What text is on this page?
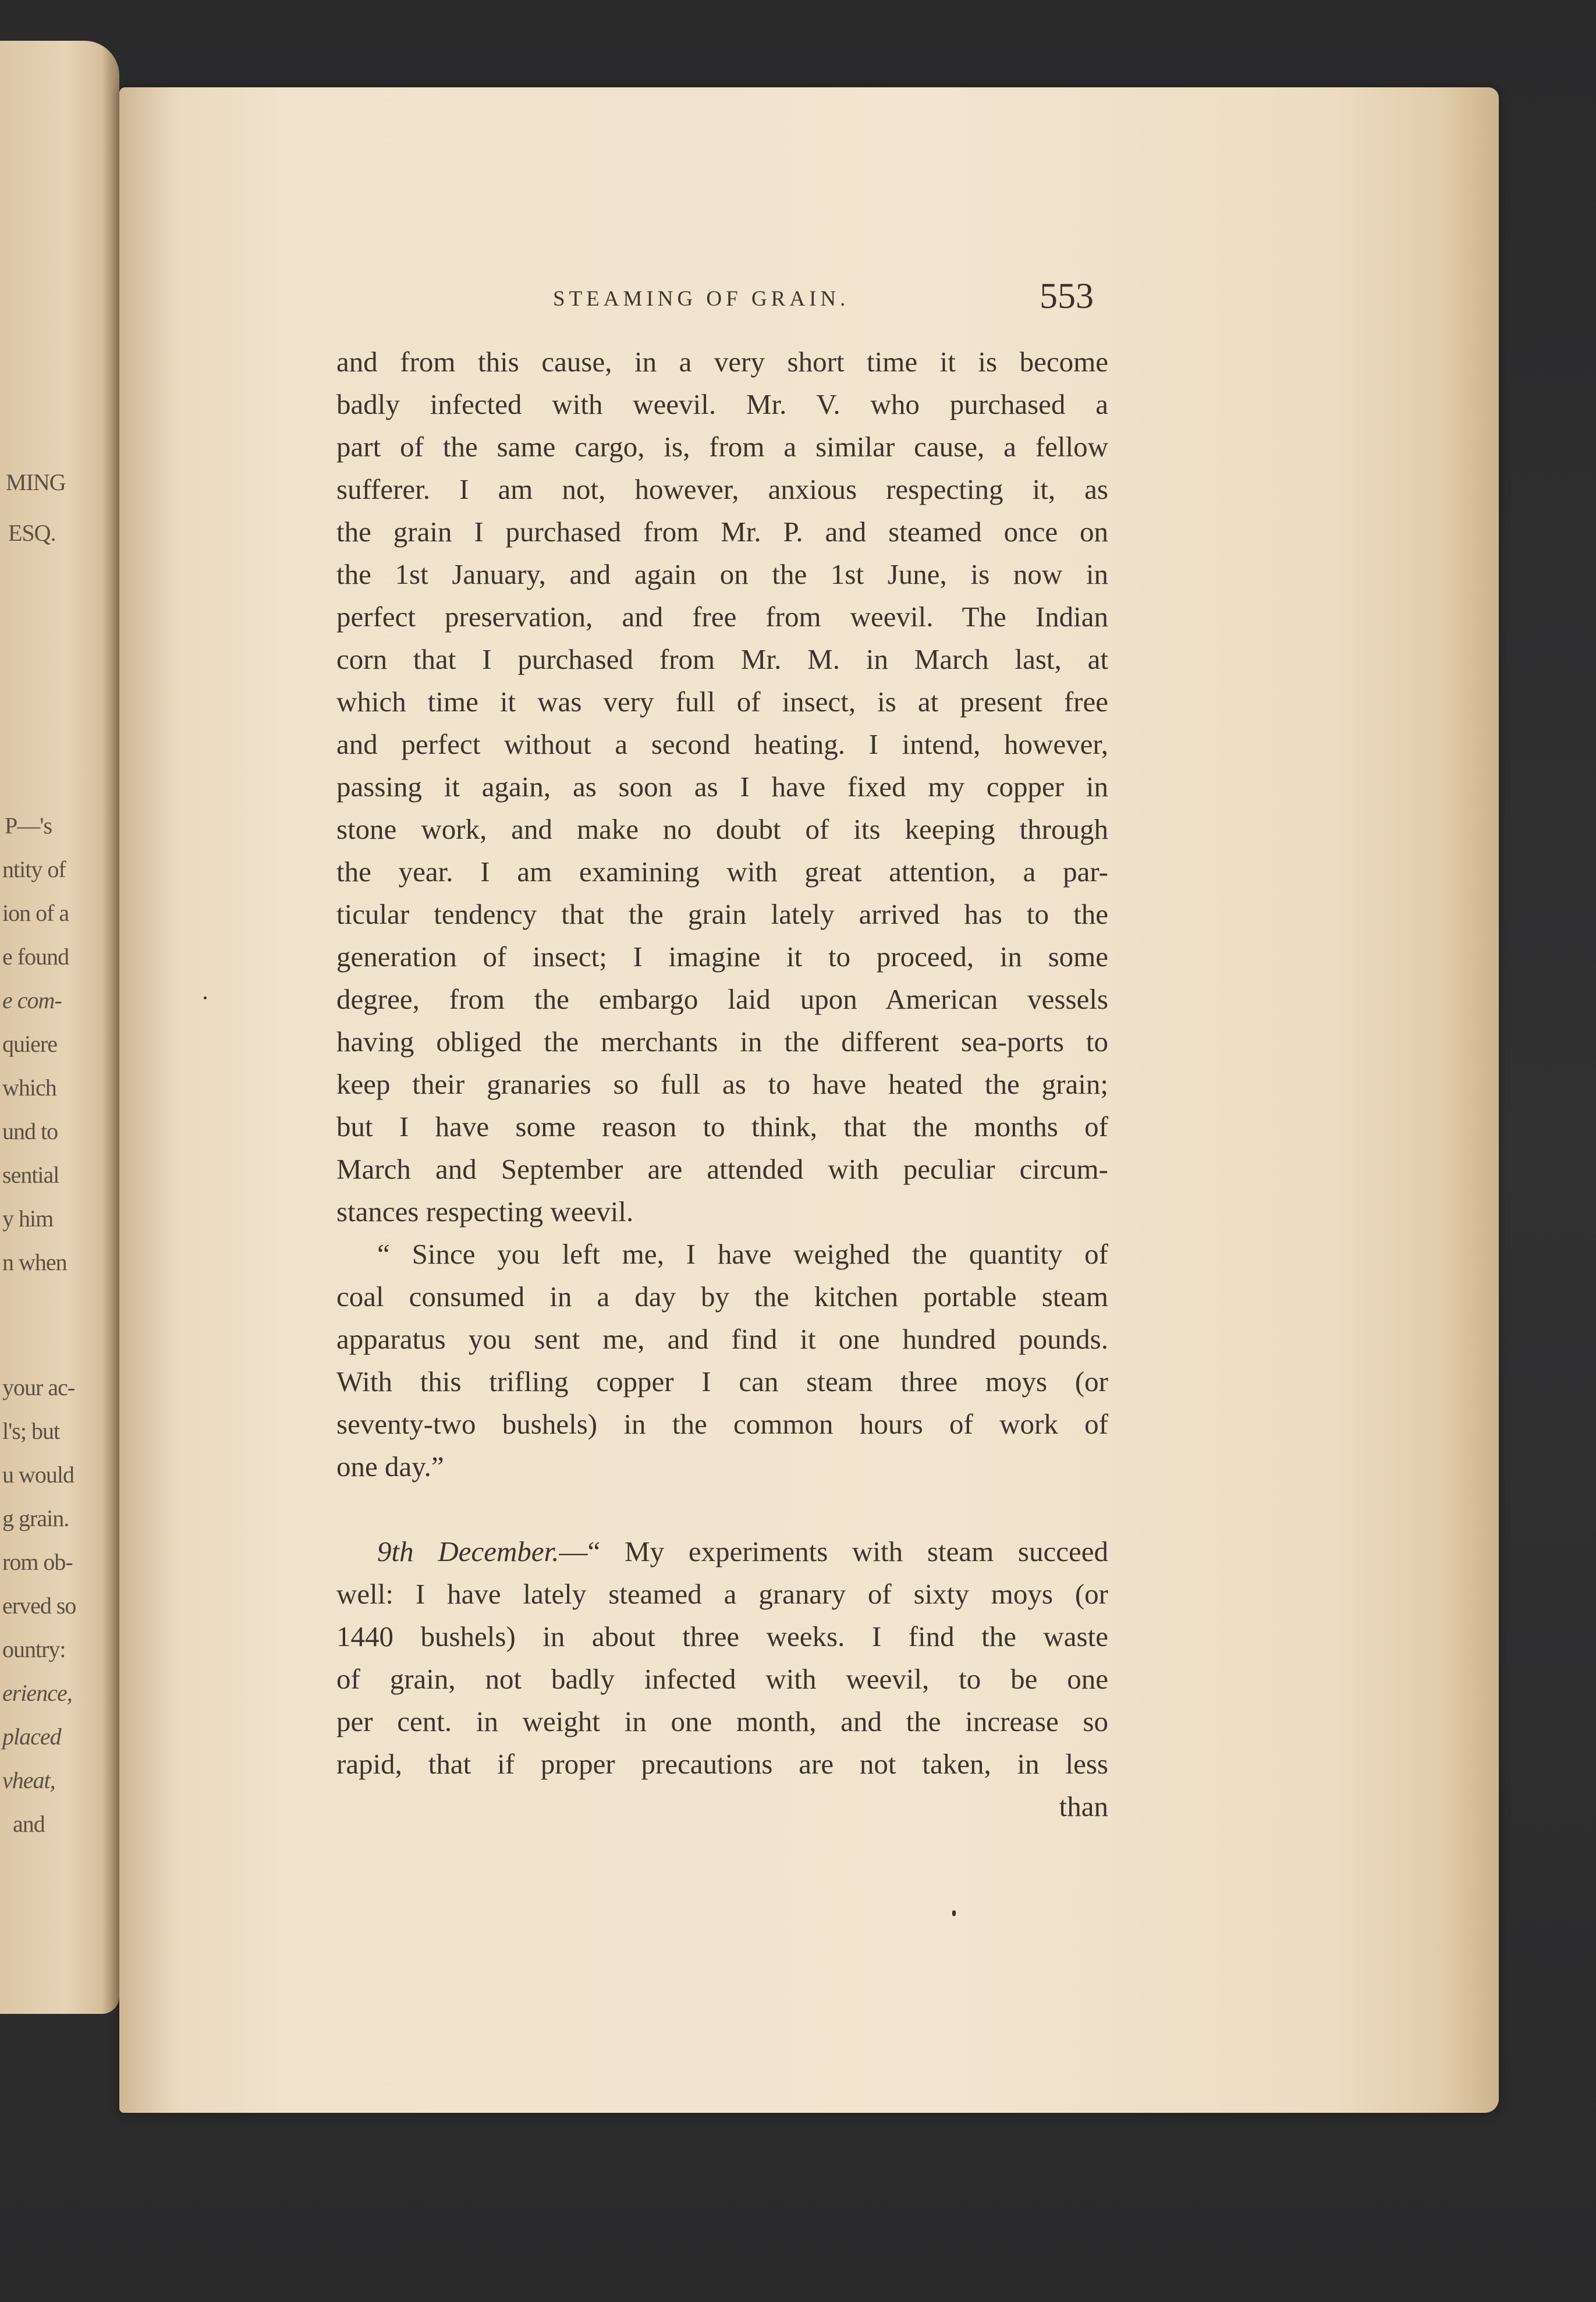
MING
ESQ.
P—'s
ntity of
ion of a
e found
e com-
quiere
which
und to
sential
y him
n when
your ac-
l's; but
u would
g grain.
rom ob-
erved so
ountry:
erience,
placed
vheat,
and
STEAMING OF GRAIN.	553
and from this cause, in a very short time it is become
badly infected with weevil. Mr. V. who purchased a
part of the same cargo, is, from a similar cause, a fellow
sufferer. I am not, however, anxious respecting it, as
the grain I purchased from Mr. P. and steamed once on
the 1st January, and again on the 1st June, is now in
perfect preservation, and free from weevil. The Indian
corn that I purchased from Mr. M. in March last, at
which time it was very full of insect, is at present free
and perfect without a second heating. I intend, however,
passing it again, as soon as I have fixed my copper in
stone work, and make no doubt of its keeping through
the year. I am examining with great attention, a par-
ticular tendency that the grain lately arrived has to the
generation of insect; I imagine it to proceed, in some
degree, from the embargo laid upon American vessels
having obliged the merchants in the different sea-ports to
keep their granaries so full as to have heated the grain;
but I have some reason to think, that the months of
March and September are attended with peculiar circum-
stances respecting weevil.
“ Since you left me, I have weighed the quantity of
coal consumed in a day by the kitchen portable steam
apparatus you sent me, and find it one hundred pounds.
With this trifling copper I can steam three moys (or
seventy-two bushels) in the common hours of work of
one day.”
9th December.—“ My experiments with steam succeed
well: I have lately steamed a granary of sixty moys (or
1440 bushels) in about three weeks. I find the waste
of grain, not badly infected with weevil, to be one
per cent. in weight in one month, and the increase so
rapid, that if proper precautions are not taken, in less
than
